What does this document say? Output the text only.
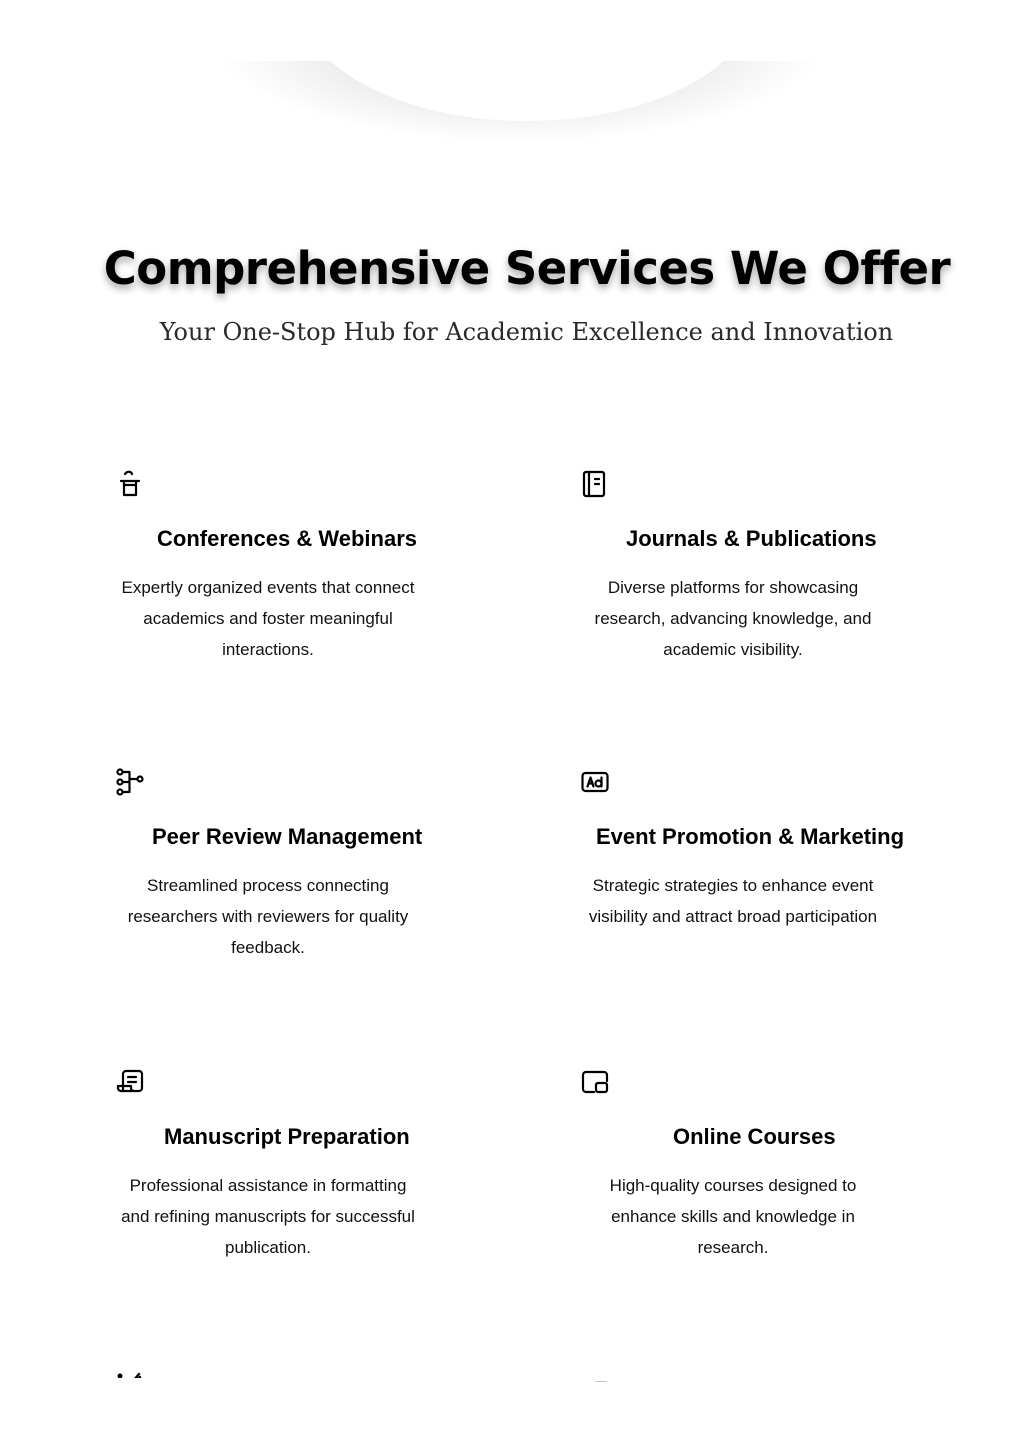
Comprehensive Services We Offer

Your One-Stop Hub for Academic Excellence and Innovation

Conferences & Webinars
Expertly organized events that connect academics and foster meaningful interactions.
Journals & Publications
Diverse platforms for showcasing research, advancing knowledge, and academic visibility.
Peer Review Management
Streamlined process connecting researchers with reviewers for quality feedback.
Event Promotion & Marketing
Strategic strategies to enhance event visibility and attract broad participation
Manuscript Preparation
Professional assistance in formatting and refining manuscripts for successful publication.
Online Courses
High-quality courses designed to enhance skills and knowledge in research.
